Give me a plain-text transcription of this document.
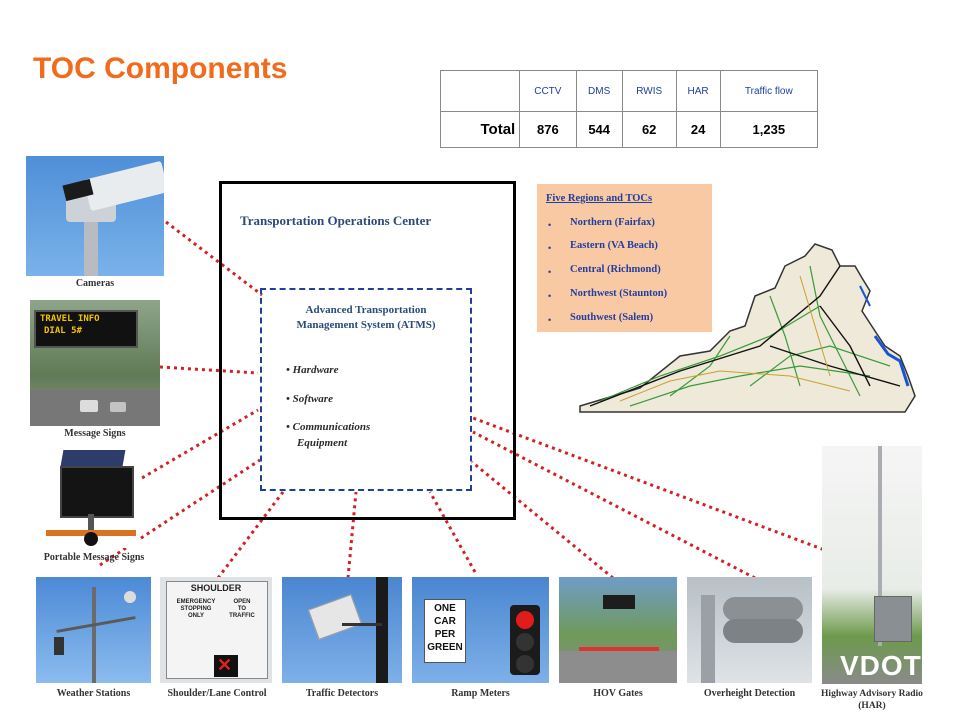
TOC Components
	CCTV	DMS	RWIS	HAR	Traffic flow
Total	876	544	62	24	1,235
Transportation Operations Center
Advanced Transportation
Management System (ATMS)
• Hardware
• Software
• Communications
Equipment
Five Regions and TOCs
• Northern (Fairfax)
• Eastern (VA Beach)
• Central (Richmond)
• Northwest (Staunton)
• Southwest (Salem)
Cameras
TRAVEL INFO
DIAL 5#
Message Signs
Portable Message Signs
Weather Stations
SHOULDER
EMERGENCY
STOPPING
ONLY
OPEN
TO
TRAFFIC
✕
Shoulder/Lane Control	Traffic Detectors
ONE
CAR
PER
GREEN
Ramp Meters	HOV Gates	Overheight Detection
VDOT
Highway Advisory Radio
(HAR)
